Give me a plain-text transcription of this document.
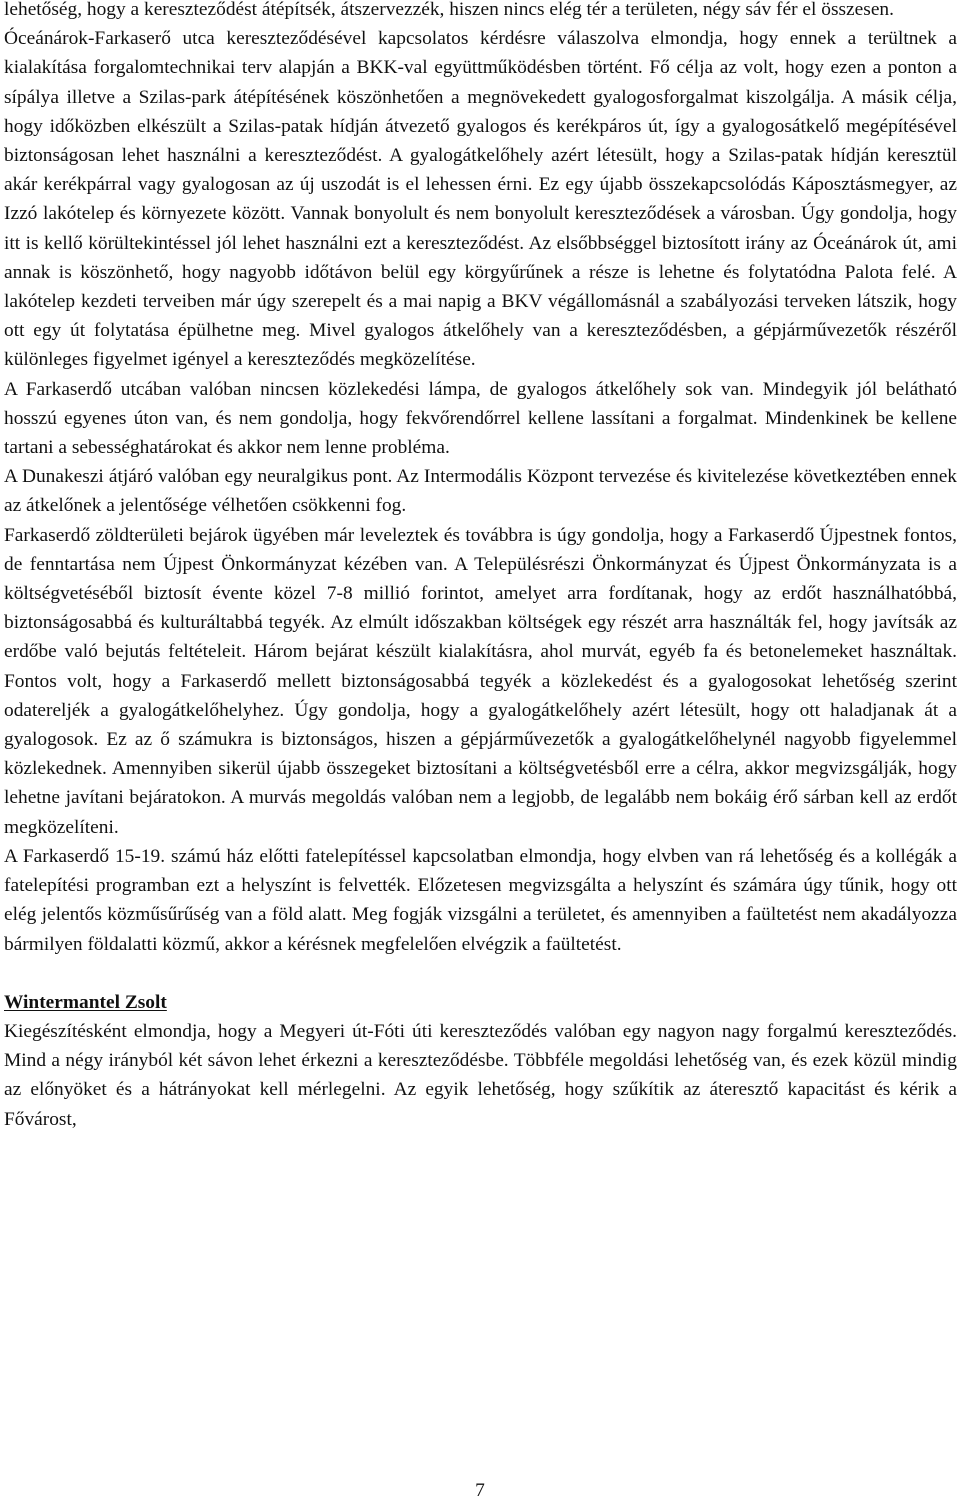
lehetőség, hogy a kereszteződést átépítsék, átszervezzék, hiszen nincs elég tér a területen, négy sáv fér el összesen.

Óceánárok-Farkaserő utca kereszteződésével kapcsolatos kérdésre válaszolva elmondja, hogy ennek a terültnek a kialakítása forgalomtechnikai terv alapján a BKK-val együttműködésben történt. Fő célja az volt, hogy ezen a ponton a sípálya illetve a Szilas-park átépítésének köszönhetően a megnövekedett gyalogosforgalmat kiszolgálja. A másik célja, hogy időközben elkészült a Szilas-patak hídján átvezető gyalogos és kerékpáros út, így a gyalogosátkelő megépítésével biztonságosan lehet használni a kereszteződést. A gyalogátkelőhely azért létesült, hogy a Szilas-patak hídján keresztül akár kerékpárral vagy gyalogosan az új uszodát is el lehessen érni. Ez egy újabb összekapcsolódás Káposztásmegyer, az Izzó lakótelep és környezete között. Vannak bonyolult és nem bonyolult kereszteződések a városban. Úgy gondolja, hogy itt is kellő körültekintéssel jól lehet használni ezt a kereszteződést. Az elsőbbséggel biztosított irány az Óceánárok út, ami annak is köszönhető, hogy nagyobb időtávon belül egy körgyűrűnek a része is lehetne és folytatódna Palota felé. A lakótelep kezdeti terveiben már úgy szerepelt és a mai napig a BKV végállomásnál a szabályozási terveken látszik, hogy ott egy út folytatása épülhetne meg. Mivel gyalogos átkelőhely van a kereszteződésben, a gépjárművezetők részéről különleges figyelmet igényel a kereszteződés megközelítése.

A Farkaserdő utcában valóban nincsen közlekedési lámpa, de gyalogos átkelőhely sok van. Mindegyik jól belátható hosszú egyenes úton van, és nem gondolja, hogy fekvőrendőrrel kellene lassítani a forgalmat. Mindenkinek be kellene tartani a sebességhatárokat és akkor nem lenne probléma.

A Dunakeszi átjáró valóban egy neuralgikus pont. Az Intermodális Központ tervezése és kivitelezése következtében ennek az átkelőnek a jelentősége vélhetően csökkenni fog.

Farkaserdő zöldterületi bejárok ügyében már leveleztek és továbbra is úgy gondolja, hogy a Farkaserdő Újpestnek fontos, de fenntartása nem Újpest Önkormányzat kézében van. A Településrészi Önkormányzat és Újpest Önkormányzata is a költségvetéséből biztosít évente közel 7-8 millió forintot, amelyet arra fordítanak, hogy az erdőt használhatóbbá, biztonságosabbá és kulturáltabbá tegyék. Az elmúlt időszakban költségek egy részét arra használták fel, hogy javítsák az erdőbe való bejutás feltételeit. Három bejárat készült kialakításra, ahol murvát, egyéb fa és betonelemeket használtak. Fontos volt, hogy a Farkaserdő mellett biztonságosabbá tegyék a közlekedést és a gyalogosokat lehetőség szerint odatereljék a gyalogátkelőhelyhez. Úgy gondolja, hogy a gyalogátkelőhely azért létesült, hogy ott haladjanak át a gyalogosok. Ez az ő számukra is biztonságos, hiszen a gépjárművezetők a gyalogátkelőhelynél nagyobb figyelemmel közlekednek. Amennyiben sikerül újabb összegeket biztosítani a költségvetésből erre a célra, akkor megvizsgálják, hogy lehetne javítani bejáratokon. A murvás megoldás valóban nem a legjobb, de legalább nem bokáig érő sárban kell az erdőt megközelíteni.

A Farkaserdő 15-19. számú ház előtti fatelepítéssel kapcsolatban elmondja, hogy elvben van rá lehetőség és a kollégák a fatelepítési programban ezt a helyszínt is felvették. Előzetesen megvizsgálta a helyszínt és számára úgy tűnik, hogy ott elég jelentős közműsűrűség van a föld alatt. Meg fogják vizsgálni a területet, és amennyiben a faültetést nem akadályozza bármilyen földalatti közmű, akkor a kérésnek megfelelően elvégzik a faültetést.

Wintermantel Zsolt

Kiegészítésként elmondja, hogy a Megyeri út-Fóti úti kereszteződés valóban egy nagyon nagy forgalmú kereszteződés. Mind a négy irányból két sávon lehet érkezni a kereszteződésbe. Többféle megoldási lehetőség van, és ezek közül mindig az előnyöket és a hátrányokat kell mérlegelni. Az egyik lehetőség, hogy szűkítik az áteresztő kapacitást és kérik a Fővárost,

7
